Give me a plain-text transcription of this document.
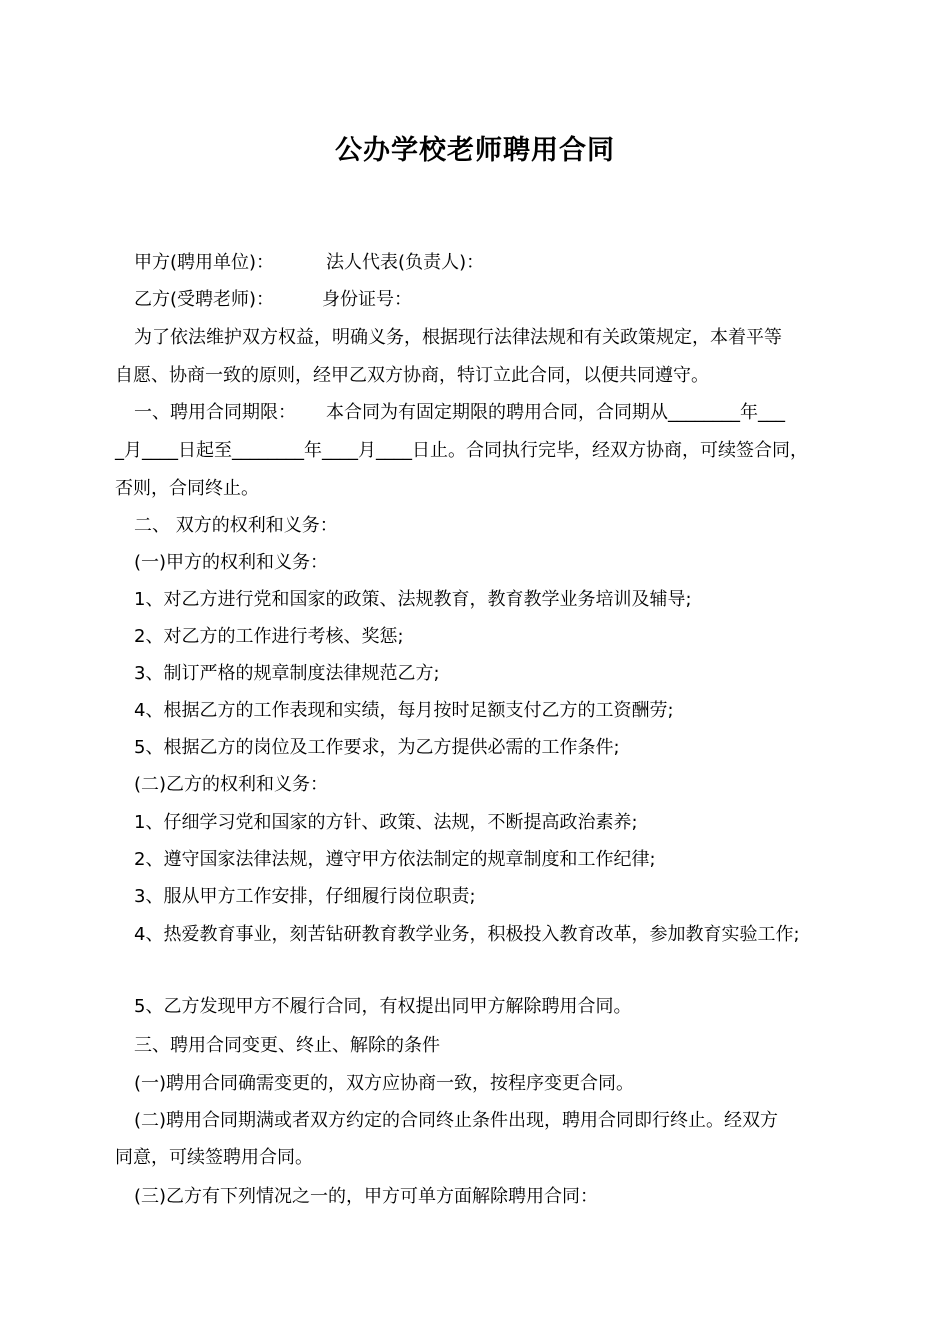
公办学校老师聘用合同
甲方(聘用单位)：	法人代表(负责人)：
乙方(受聘老师)：	身份证号：
为了依法维护双方权益，明确义务，根据现行法律法规和有关政策规定，本着平等
自愿、协商一致的原则，经甲乙双方协商，特订立此合同，以便共同遵守。
一、聘用合同期限： 本合同为有固定期限的聘用合同，合同期从________年___
_月____日起至________年____月____日止。合同执行完毕，经双方协商，可续签合同，
否则，合同终止。
二、 双方的权利和义务：
(一)甲方的权利和义务：
1、对乙方进行党和国家的政策、法规教育，教育教学业务培训及辅导;
2、对乙方的工作进行考核、奖惩;
3、制订严格的规章制度法律规范乙方;
4、根据乙方的工作表现和实绩，每月按时足额支付乙方的工资酬劳;
5、根据乙方的岗位及工作要求，为乙方提供必需的工作条件;
(二)乙方的权利和义务：
1、仔细学习党和国家的方针、政策、法规，不断提高政治素养;
2、遵守国家法律法规，遵守甲方依法制定的规章制度和工作纪律;
3、服从甲方工作安排，仔细履行岗位职责;
4、热爱教育事业，刻苦钻研教育教学业务，积极投入教育改革，参加教育实验工作;
5、乙方发现甲方不履行合同，有权提出同甲方解除聘用合同。
三、聘用合同变更、终止、解除的条件
(一)聘用合同确需变更的，双方应协商一致，按程序变更合同。
(二)聘用合同期满或者双方约定的合同终止条件出现，聘用合同即行终止。经双方
同意，可续签聘用合同。
(三)乙方有下列情况之一的，甲方可单方面解除聘用合同：
